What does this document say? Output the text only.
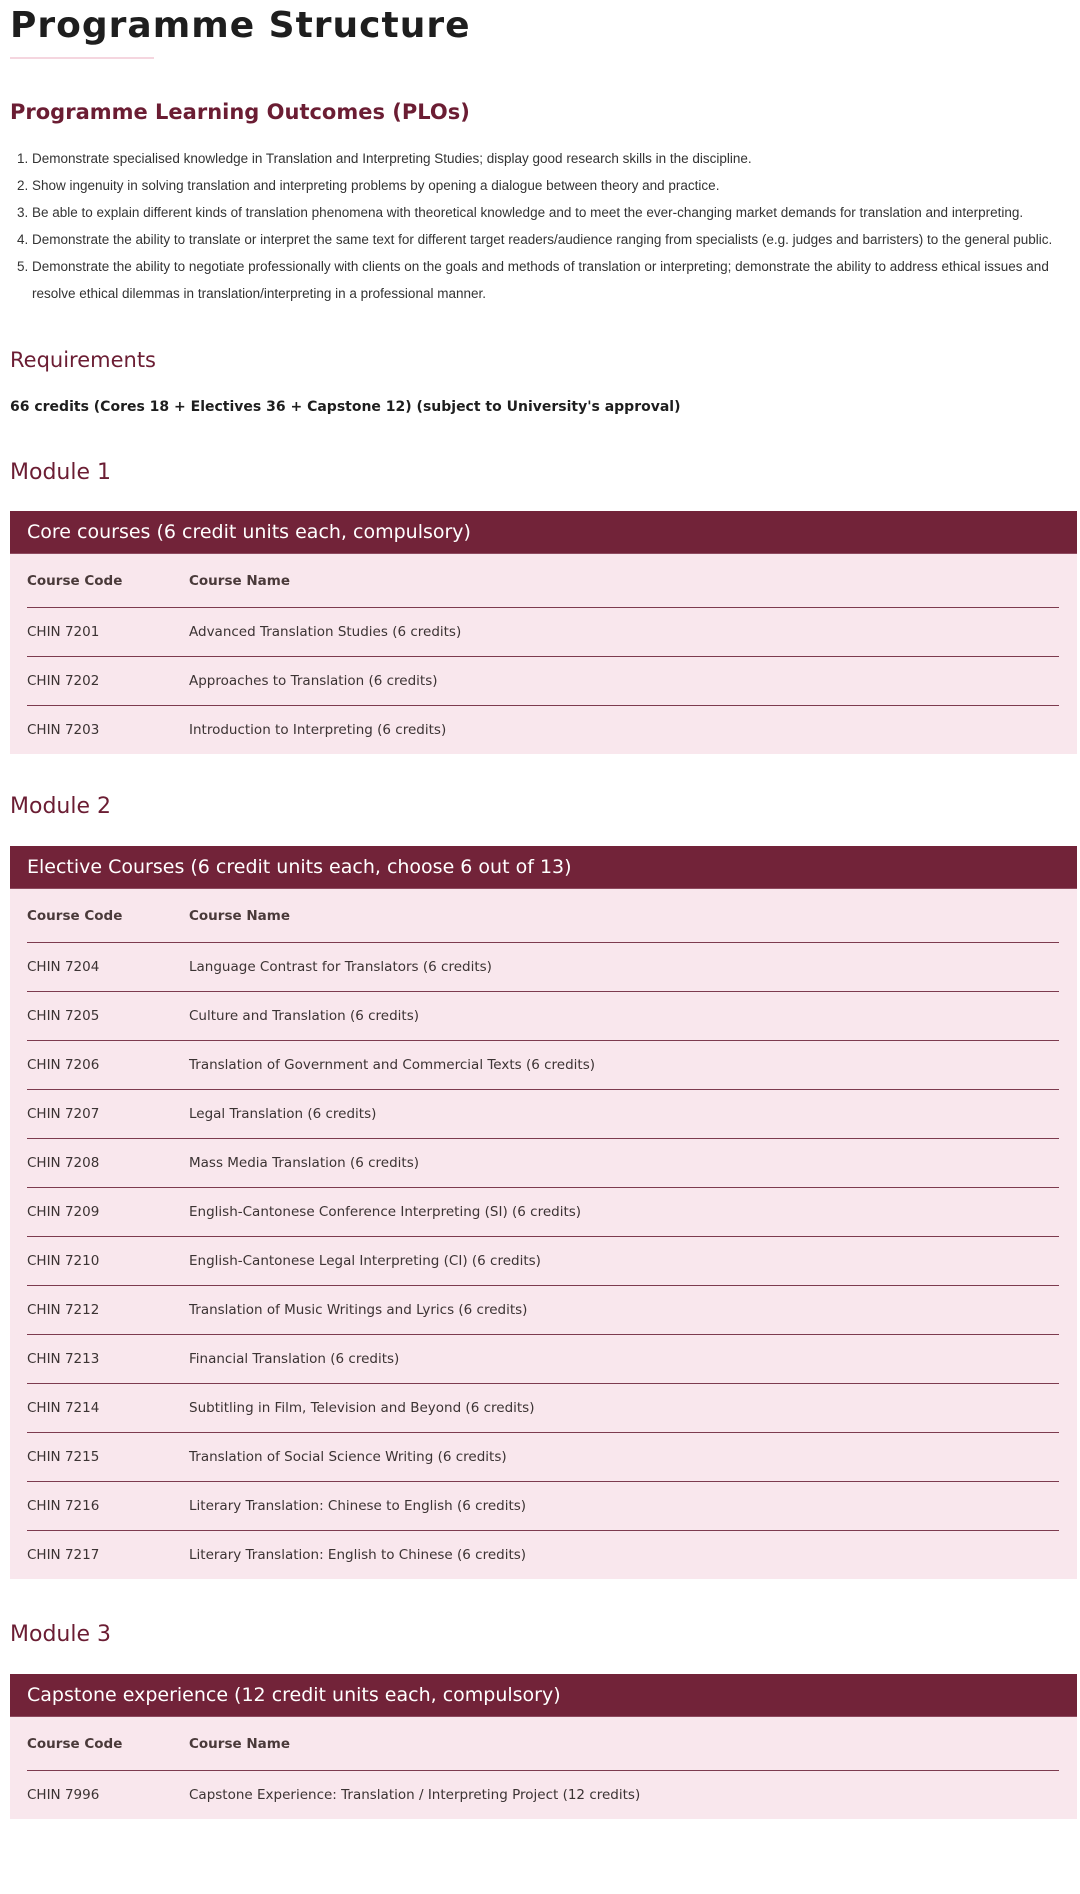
Programme Structure
Programme Learning Outcomes (PLOs)
1. Demonstrate specialised knowledge in Translation and Interpreting Studies; display good research skills in the discipline.
2. Show ingenuity in solving translation and interpreting problems by opening a dialogue between theory and practice.
3. Be able to explain different kinds of translation phenomena with theoretical knowledge and to meet the ever-changing market demands for translation and interpreting.
4. Demonstrate the ability to translate or interpret the same text for different target readers/audience ranging from specialists (e.g. judges and barristers) to the general public.
5. Demonstrate the ability to negotiate professionally with clients on the goals and methods of translation or interpreting; demonstrate the ability to address ethical issues and resolve ethical dilemmas in translation/interpreting in a professional manner.
Requirements
66 credits (Cores 18 + Electives 36 + Capstone 12) (subject to University's approval)
Module 1
Core courses (6 credit units each, compulsory)
Course Code	Course Name
CHIN 7201	Advanced Translation Studies (6 credits)
CHIN 7202	Approaches to Translation (6 credits)
CHIN 7203	Introduction to Interpreting (6 credits)
Module 2
Elective Courses (6 credit units each, choose 6 out of 13)
Course Code	Course Name
CHIN 7204	Language Contrast for Translators (6 credits)
CHIN 7205	Culture and Translation (6 credits)
CHIN 7206	Translation of Government and Commercial Texts (6 credits)
CHIN 7207	Legal Translation (6 credits)
CHIN 7208	Mass Media Translation (6 credits)
CHIN 7209	English-Cantonese Conference Interpreting (SI) (6 credits)
CHIN 7210	English-Cantonese Legal Interpreting (CI) (6 credits)
CHIN 7212	Translation of Music Writings and Lyrics (6 credits)
CHIN 7213	Financial Translation (6 credits)
CHIN 7214	Subtitling in Film, Television and Beyond (6 credits)
CHIN 7215	Translation of Social Science Writing (6 credits)
CHIN 7216	Literary Translation: Chinese to English (6 credits)
CHIN 7217	Literary Translation: English to Chinese (6 credits)
Module 3
Capstone experience (12 credit units each, compulsory)
Course Code	Course Name
CHIN 7996	Capstone Experience: Translation / Interpreting Project (12 credits)
